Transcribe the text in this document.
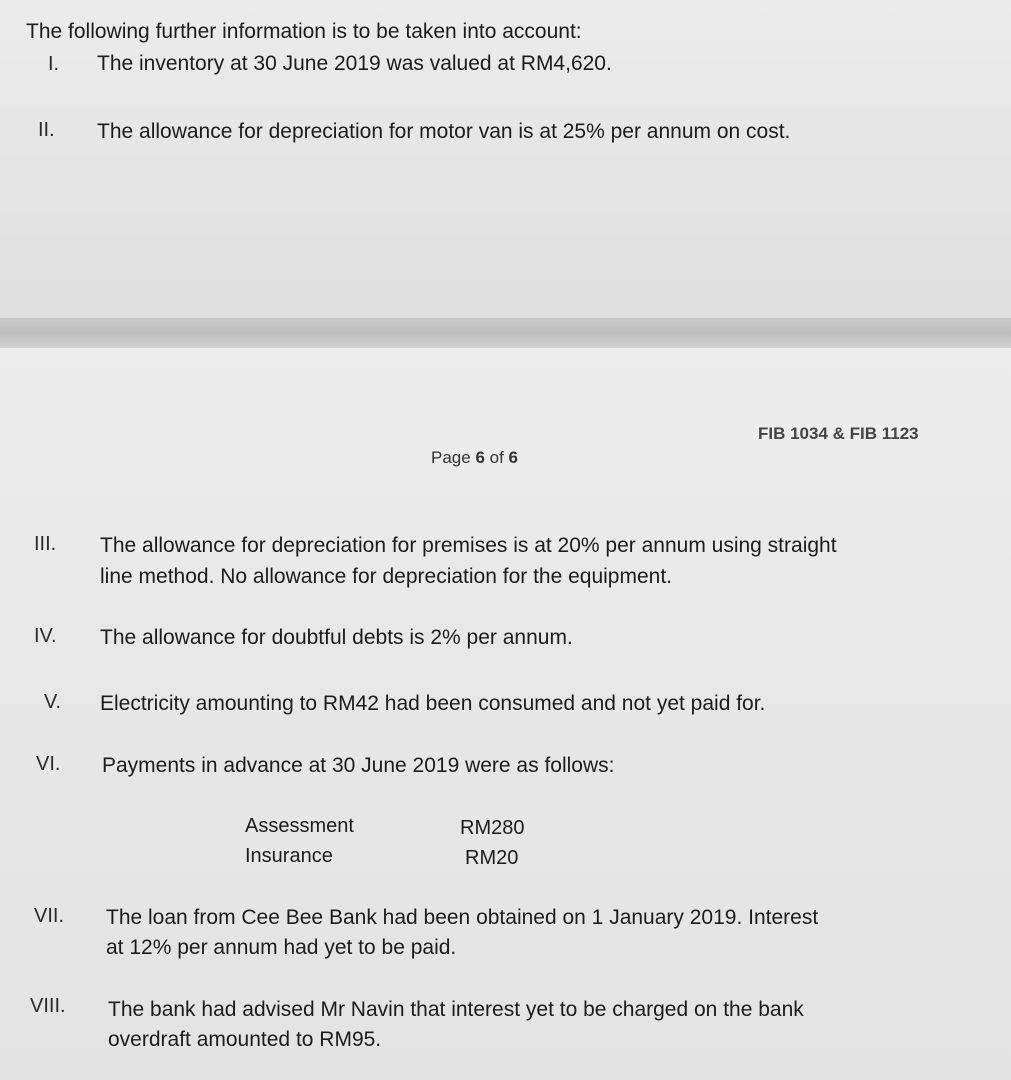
The following further information is to be taken into account:
I. The inventory at 30 June 2019 was valued at RM4,620.
II. The allowance for depreciation for motor van is at 25% per annum on cost.
FIB 1034 & FIB 1123
Page 6 of 6
III. The allowance for depreciation for premises is at 20% per annum using straight
line method. No allowance for depreciation for the equipment.
IV. The allowance for doubtful debts is 2% per annum.
V. Electricity amounting to RM42 had been consumed and not yet paid for.
VI. Payments in advance at 30 June 2019 were as follows:
Assessment	RM280
Insurance	RM20
VII. The loan from Cee Bee Bank had been obtained on 1 January 2019. Interest
at 12% per annum had yet to be paid.
VIII. The bank had advised Mr Navin that interest yet to be charged on the bank
overdraft amounted to RM95.
